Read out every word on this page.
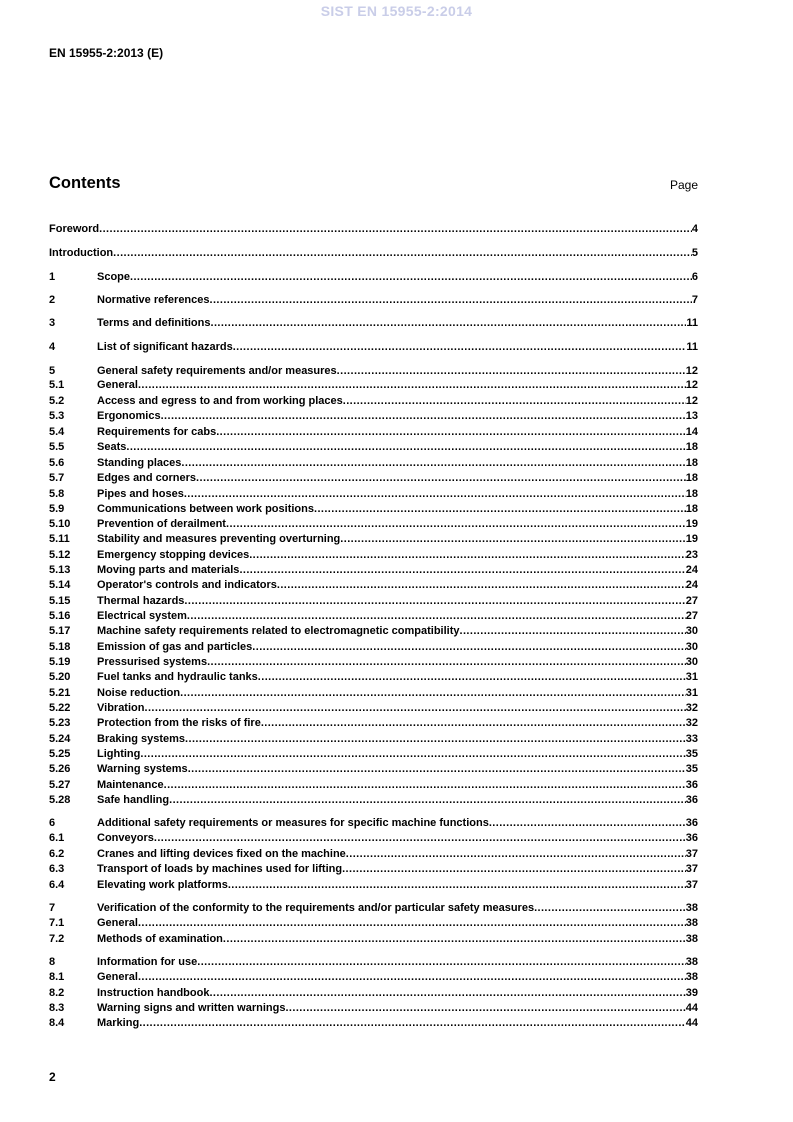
SIST EN 15955-2:2014
EN 15955-2:2013 (E)
Contents	Page
Foreword .....	4
Introduction .....	5
1	Scope .....	6
2	Normative references .....	7
3	Terms and definitions .....	11
4	List of significant hazards .....	11
5	General safety requirements and/or measures .....	12
5.1	General .....	12
5.2	Access and egress to and from working places .....	12
5.3	Ergonomics .....	13
5.4	Requirements for cabs .....	14
5.5	Seats .....	18
5.6	Standing places .....	18
5.7	Edges and corners .....	18
5.8	Pipes and hoses .....	18
5.9	Communications between work positions .....	18
5.10	Prevention of derailment .....	19
5.11	Stability and measures preventing overturning .....	19
5.12	Emergency stopping devices .....	23
5.13	Moving parts and materials .....	24
5.14	Operator's controls and indicators .....	24
5.15	Thermal hazards .....	27
5.16	Electrical system .....	27
5.17	Machine safety requirements related to electromagnetic compatibility .....	30
5.18	Emission of gas and particles .....	30
5.19	Pressurised systems .....	30
5.20	Fuel tanks and hydraulic tanks .....	31
5.21	Noise reduction .....	31
5.22	Vibration .....	32
5.23	Protection from the risks of fire .....	32
5.24	Braking systems .....	33
5.25	Lighting .....	35
5.26	Warning systems .....	35
5.27	Maintenance .....	36
5.28	Safe handling .....	36
6	Additional safety requirements or measures for specific machine functions .....	36
6.1	Conveyors .....	36
6.2	Cranes and lifting devices fixed on the machine .....	37
6.3	Transport of loads by machines used for lifting .....	37
6.4	Elevating work platforms .....	37
7	Verification of the conformity to the requirements and/or particular safety measures .....	38
7.1	General .....	38
7.2	Methods of examination .....	38
8	Information for use .....	38
8.1	General .....	38
8.2	Instruction handbook .....	39
8.3	Warning signs and written warnings .....	44
8.4	Marking .....	44
2
